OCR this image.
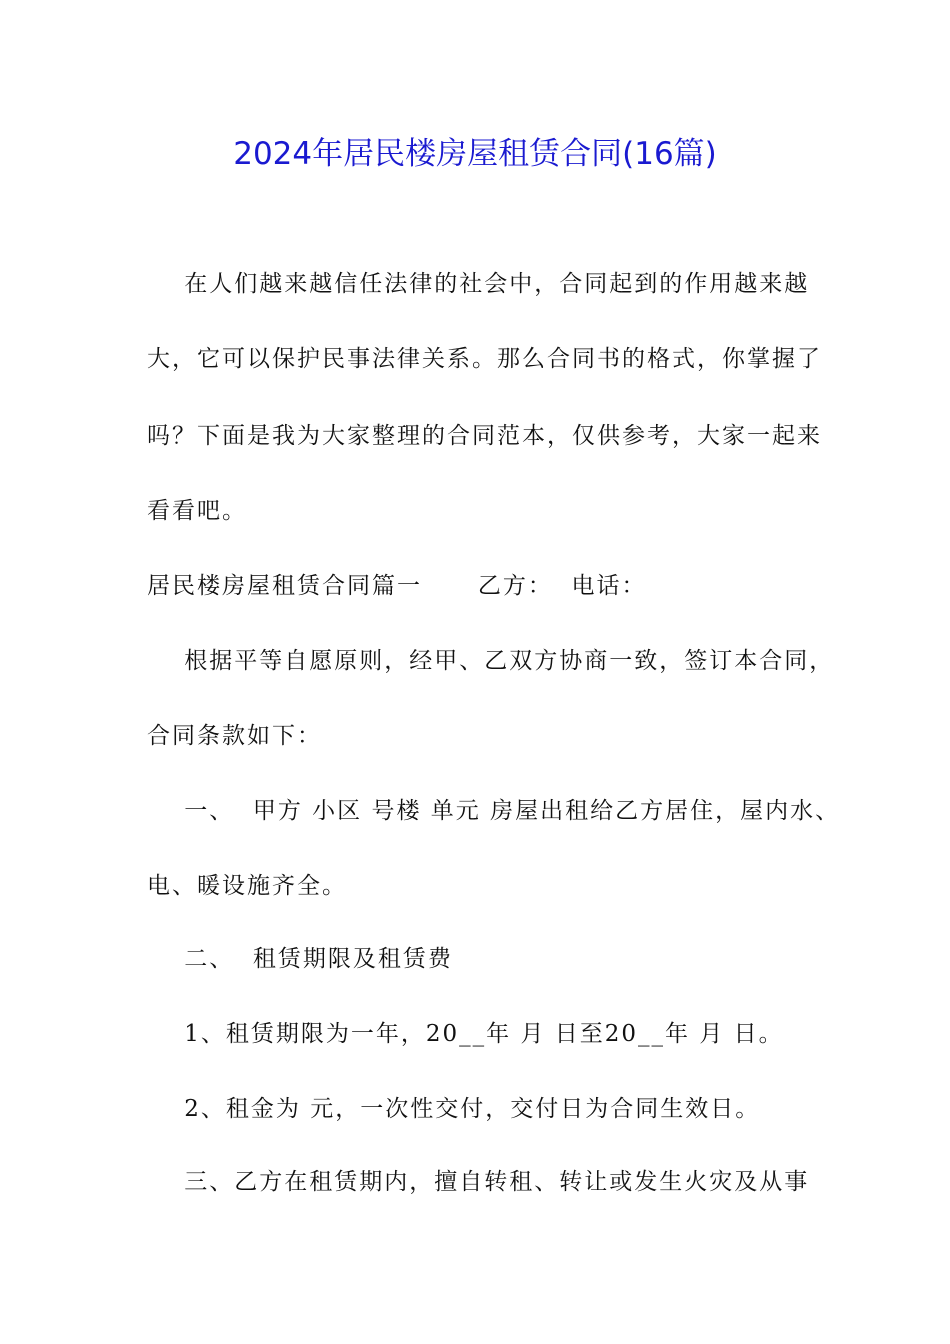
2024年居民楼房屋租赁合同(16篇)

在人们越来越信任法律的社会中，合同起到的作用越来越

大，它可以保护民事法律关系。那么合同书的格式，你掌握了

吗？下面是我为大家整理的合同范本，仅供参考，大家一起来

看看吧。

居民楼房屋租赁合同篇一      乙方：  电话：

根据平等自愿原则，经甲、乙双方协商一致，签订本合同，

合同条款如下：

一、  甲方 小区 号楼 单元 房屋出租给乙方居住，屋内水、

电、暖设施齐全。

二、  租赁期限及租赁费

1、租赁期限为一年，20__年 月 日至20__年 月 日。

2、租金为 元，一次性交付，交付日为合同生效日。

三、乙方在租赁期内，擅自转租、转让或发生火灾及从事
